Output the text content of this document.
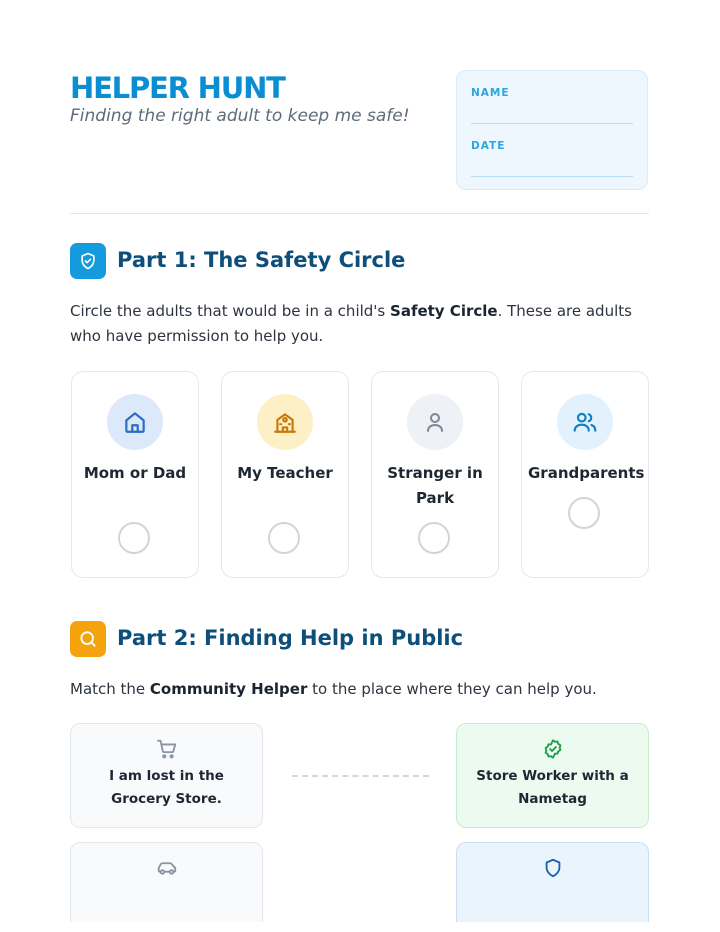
HELPER HUNT
Finding the right adult to keep me safe!
NAME
DATE
Part 1: The Safety Circle
Circle the adults that would be in a child's Safety Circle. These are adults who have permission to help you.
Mom or Dad	My Teacher	Stranger in Park
Grandparents
Part 2: Finding Help in Public
Match the Community Helper to the place where they can help you.
I am lost in the Grocery Store.
Store Worker with a Nametag
